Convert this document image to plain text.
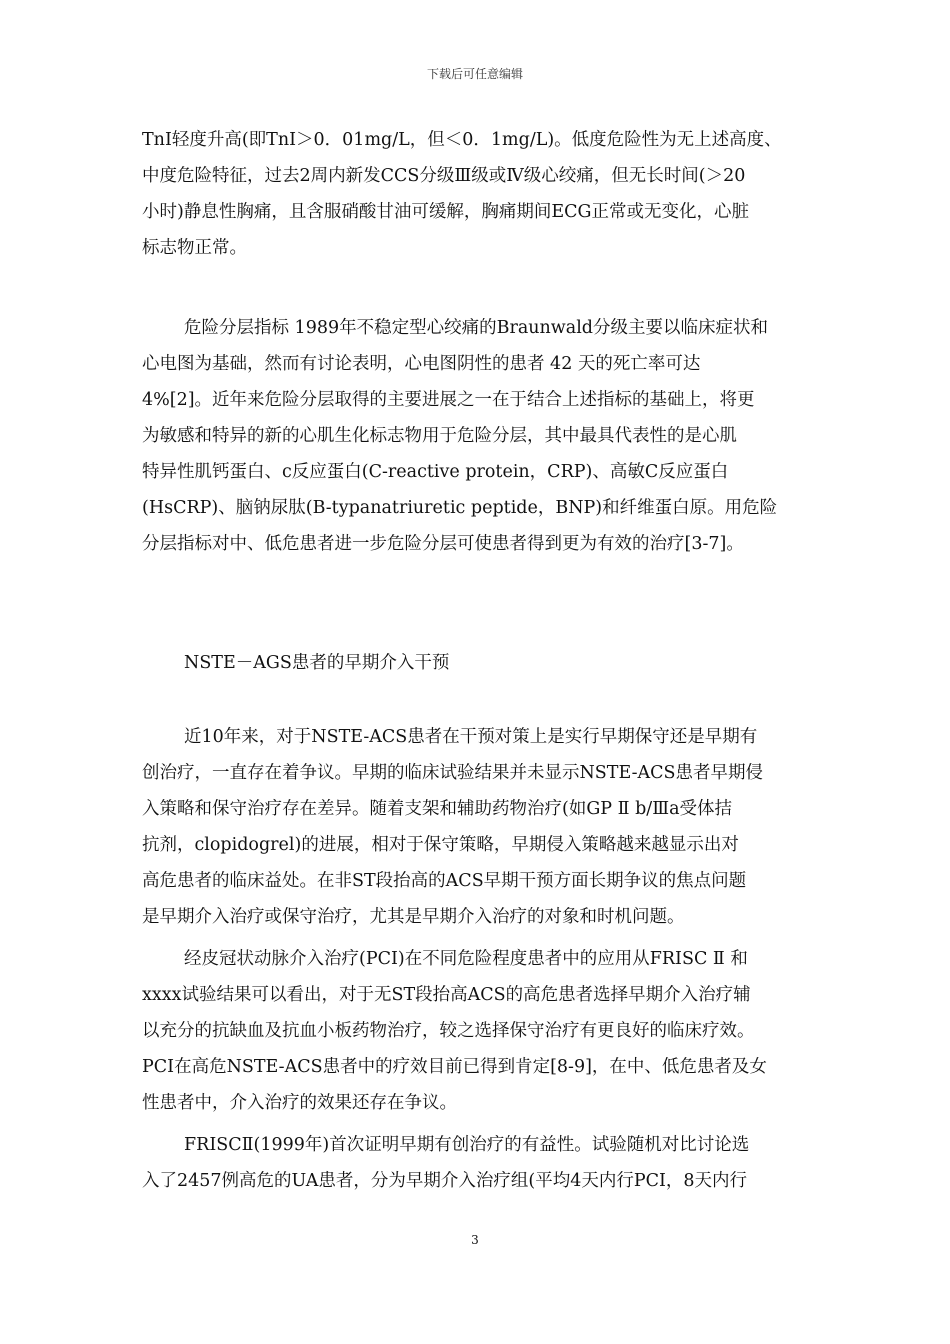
下载后可任意编辑
TnI轻度升高(即TnI＞0．01mg/L，但＜0．1mg/L)。低度危险性为无上述高度、
中度危险特征，过去2周内新发CCS分级Ⅲ级或Ⅳ级心绞痛，但无长时间(＞20
小时)静息性胸痛，且含服硝酸甘油可缓解，胸痛期间ECG正常或无变化，心脏
标志物正常。
危险分层指标 1989年不稳定型心绞痛的Braunwald分级主要以临床症状和
心电图为基础，然而有讨论表明，心电图阴性的患者 42 天的死亡率可达
4%[2]。近年来危险分层取得的主要进展之一在于结合上述指标的基础上，将更
为敏感和特异的新的心肌生化标志物用于危险分层，其中最具代表性的是心肌
特异性肌钙蛋白、c反应蛋白(C-reactive protein，CRP)、高敏C反应蛋白
(HsCRP)、脑钠尿肽(B-typanatriuretic peptide，BNP)和纤维蛋白原。用危险
分层指标对中、低危患者进一步危险分层可使患者得到更为有效的治疗[3-7]。
NSTE－AGS患者的早期介入干预
近10年来，对于NSTE-ACS患者在干预对策上是实行早期保守还是早期有
创治疗，一直存在着争议。早期的临床试验结果并未显示NSTE-ACS患者早期侵
入策略和保守治疗存在差异。随着支架和辅助药物治疗(如GP Ⅱ b/Ⅲa受体拮
抗剂，clopidogrel)的进展，相对于保守策略，早期侵入策略越来越显示出对
高危患者的临床益处。在非ST段抬高的ACS早期干预方面长期争议的焦点问题
是早期介入治疗或保守治疗，尤其是早期介入治疗的对象和时机问题。
经皮冠状动脉介入治疗(PCI)在不同危险程度患者中的应用从FRISC Ⅱ 和
xxxx试验结果可以看出，对于无ST段抬高ACS的高危患者选择早期介入治疗辅
以充分的抗缺血及抗血小板药物治疗，较之选择保守治疗有更良好的临床疗效。
PCI在高危NSTE-ACS患者中的疗效目前已得到肯定[8-9]，在中、低危患者及女
性患者中，介入治疗的效果还存在争议。
FRISCⅡ(1999年)首次证明早期有创治疗的有益性。试验随机对比讨论选
入了2457例高危的UA患者，分为早期介入治疗组(平均4天内行PCI，8天内行
3
